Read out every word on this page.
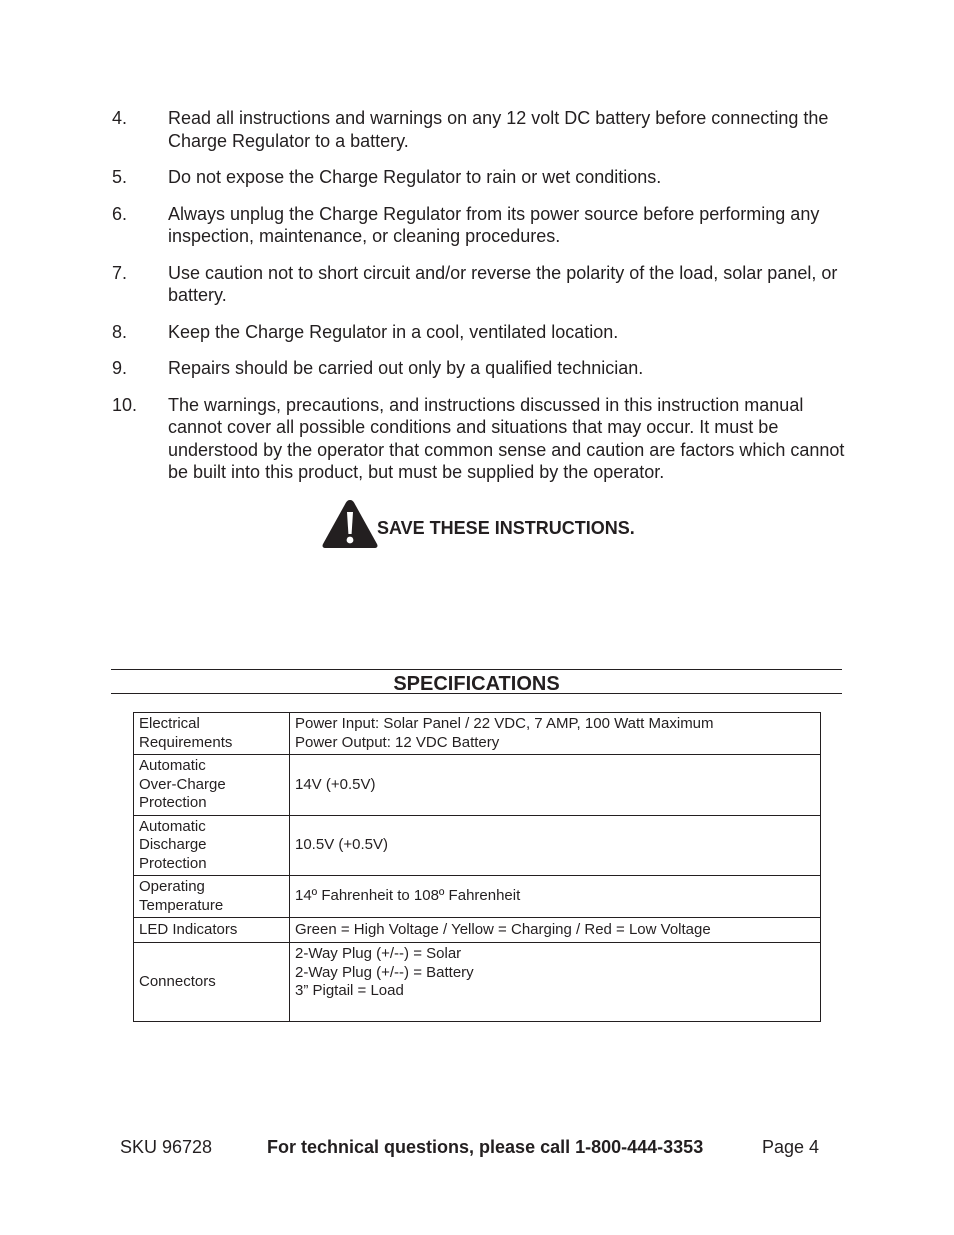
4.	Read all instructions and warnings on any 12 volt DC battery before connecting the Charge Regulator to a battery.
5.	Do not expose the Charge Regulator to rain or wet conditions.
6.	Always unplug the Charge Regulator from its power source before performing any inspection, maintenance, or cleaning procedures.
7.	Use caution not to short circuit and/or reverse the polarity of the load, solar panel, or battery.
8.	Keep the Charge Regulator in a cool, ventilated location.
9.	Repairs should be carried out only by a qualified technician.
10.	The warnings, precautions, and instructions discussed in this instruction manual cannot cover all possible conditions and situations that may occur. It must be understood by the operator that common sense and caution are factors which cannot be built into this product, but must be supplied by the operator.
SAVE THESE INSTRUCTIONS.
SPECIFICATIONS
Electrical
Requirements	Power Input: Solar Panel / 22 VDC, 7 AMP, 100 Watt Maximum
Power Output: 12 VDC Battery

Automatic
Over-Charge
Protection	14V (+0.5V)

Automatic
Discharge
Protection	10.5V (+0.5V)

Operating
Temperature	14º Fahrenheit to 108º Fahrenheit

LED Indicators	Green = High Voltage / Yellow = Charging / Red = Low Voltage

Connectors	2-Way Plug (+/--) = Solar
2-Way Plug (+/--) = Battery
3” Pigtail = Load
SKU 96728	For technical questions, please call 1-800-444-3353	Page 4
